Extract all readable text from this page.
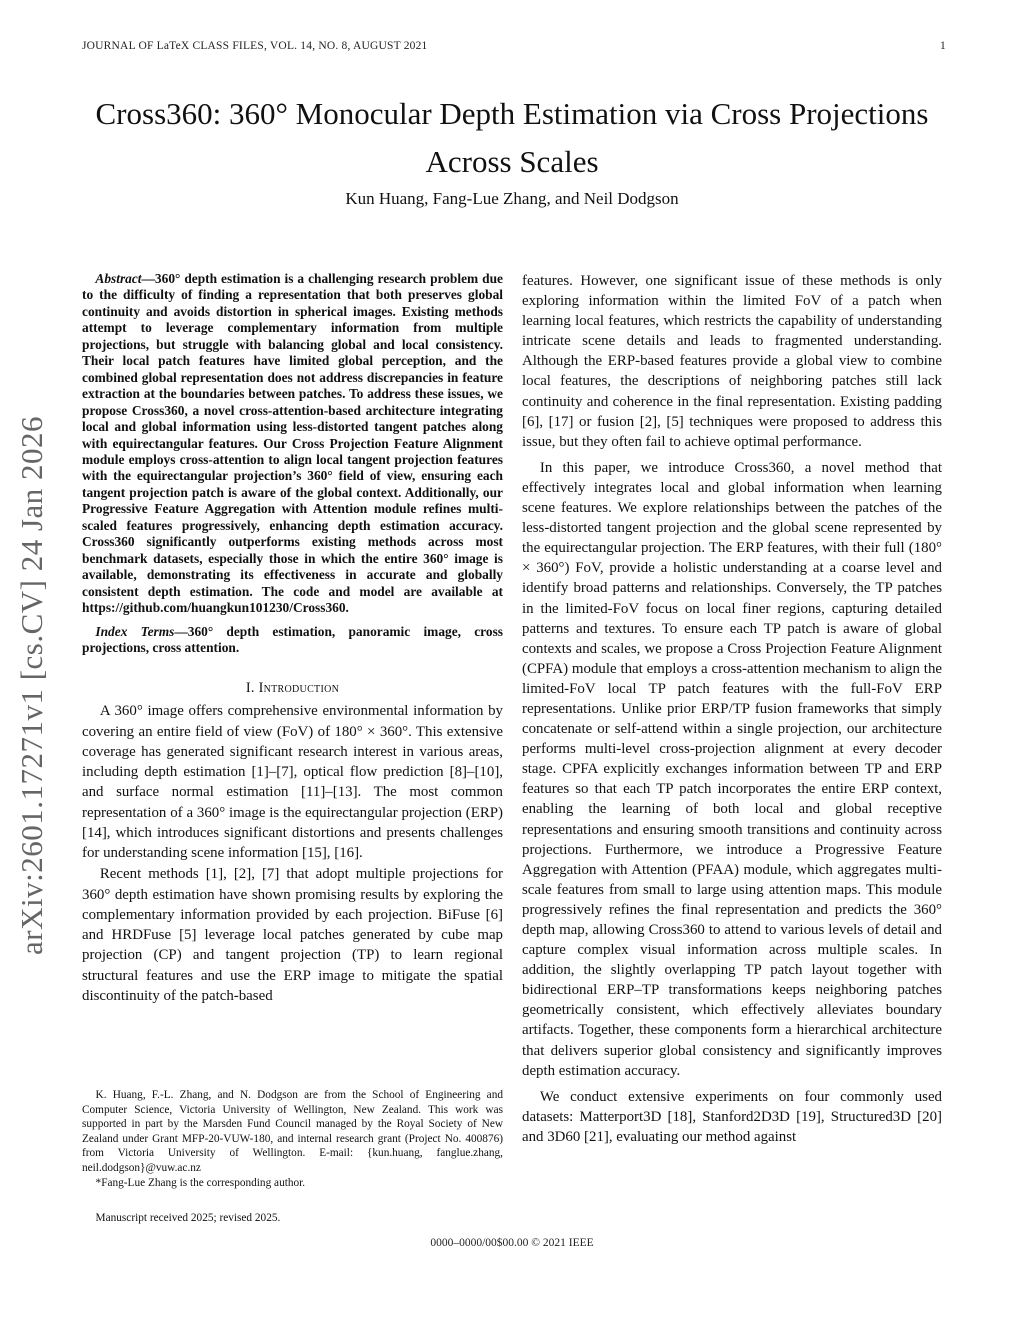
JOURNAL OF LaTeX CLASS FILES, VOL. 14, NO. 8, AUGUST 2021	1
arXiv:2601.17271v1 [cs.CV] 24 Jan 2026
Cross360: 360° Monocular Depth Estimation via Cross Projections Across Scales
Kun Huang, Fang-Lue Zhang, and Neil Dodgson

Abstract—360° depth estimation is a challenging research problem due to the difficulty of finding a representation that both preserves global continuity and avoids distortion in spherical images. Existing methods attempt to leverage complementary information from multiple projections, but struggle with balancing global and local consistency. Their local patch features have limited global perception, and the combined global representation does not address discrepancies in feature extraction at the boundaries between patches. To address these issues, we propose Cross360, a novel cross-attention-based architecture integrating local and global information using less-distorted tangent patches along with equirectangular features. Our Cross Projection Feature Alignment module employs cross-attention to align local tangent projection features with the equirectangular projection’s 360° field of view, ensuring each tangent projection patch is aware of the global context. Additionally, our Progressive Feature Aggregation with Attention module refines multi-scaled features progressively, enhancing depth estimation accuracy. Cross360 significantly outperforms existing methods across most benchmark datasets, especially those in which the entire 360° image is available, demonstrating its effectiveness in accurate and globally consistent depth estimation. The code and model are available at https://github.com/huangkun101230/Cross360.

Index Terms—360° depth estimation, panoramic image, cross projections, cross attention.

I. Introduction

A 360° image offers comprehensive environmental information by covering an entire field of view (FoV) of 180° × 360°. This extensive coverage has generated significant research interest in various areas, including depth estimation [1]–[7], optical flow prediction [8]–[10], and surface normal estimation [11]–[13]. The most common representation of a 360° image is the equirectangular projection (ERP) [14], which introduces significant distortions and presents challenges for understanding scene information [15], [16].

Recent methods [1], [2], [7] that adopt multiple projections for 360° depth estimation have shown promising results by exploring the complementary information provided by each projection. BiFuse [6] and HRDFuse [5] leverage local patches generated by cube map projection (CP) and tangent projection (TP) to learn regional structural features and use the ERP image to mitigate the spatial discontinuity of the patch-based

features. However, one significant issue of these methods is only exploring information within the limited FoV of a patch when learning local features, which restricts the capability of understanding intricate scene details and leads to fragmented understanding. Although the ERP-based features provide a global view to combine local features, the descriptions of neighboring patches still lack continuity and coherence in the final representation. Existing padding [6], [17] or fusion [2], [5] techniques were proposed to address this issue, but they often fail to achieve optimal performance.

In this paper, we introduce Cross360, a novel method that effectively integrates local and global information when learning scene features. We explore relationships between the patches of the less-distorted tangent projection and the global scene represented by the equirectangular projection. The ERP features, with their full (180° × 360°) FoV, provide a holistic understanding at a coarse level and identify broad patterns and relationships. Conversely, the TP patches in the limited-FoV focus on local finer regions, capturing detailed patterns and textures. To ensure each TP patch is aware of global contexts and scales, we propose a Cross Projection Feature Alignment (CPFA) module that employs a cross-attention mechanism to align the limited-FoV local TP patch features with the full-FoV ERP representations. Unlike prior ERP/TP fusion frameworks that simply concatenate or self-attend within a single projection, our architecture performs multi-level cross-projection alignment at every decoder stage. CPFA explicitly exchanges information between TP and ERP features so that each TP patch incorporates the entire ERP context, enabling the learning of both local and global receptive representations and ensuring smooth transitions and continuity across projections. Furthermore, we introduce a Progressive Feature Aggregation with Attention (PFAA) module, which aggregates multi-scale features from small to large using attention maps. This module progressively refines the final representation and predicts the 360° depth map, allowing Cross360 to attend to various levels of detail and capture complex visual information across multiple scales. In addition, the slightly overlapping TP patch layout together with bidirectional ERP–TP transformations keeps neighboring patches geometrically consistent, which effectively alleviates boundary artifacts. Together, these components form a hierarchical architecture that delivers superior global consistency and significantly improves depth estimation accuracy.

We conduct extensive experiments on four commonly used datasets: Matterport3D [18], Stanford2D3D [19], Structured3D [20] and 3D60 [21], evaluating our method against

K. Huang, F.-L. Zhang, and N. Dodgson are from the School of Engineering and Computer Science, Victoria University of Wellington, New Zealand. This work was supported in part by the Marsden Fund Council managed by the Royal Society of New Zealand under Grant MFP-20-VUW-180, and internal research grant (Project No. 400876) from Victoria University of Wellington. E-mail: {kun.huang, fanglue.zhang, neil.dodgson}@vuw.ac.nz

*Fang-Lue Zhang is the corresponding author.

Manuscript received 2025; revised 2025.

0000–0000/00$00.00 © 2021 IEEE
